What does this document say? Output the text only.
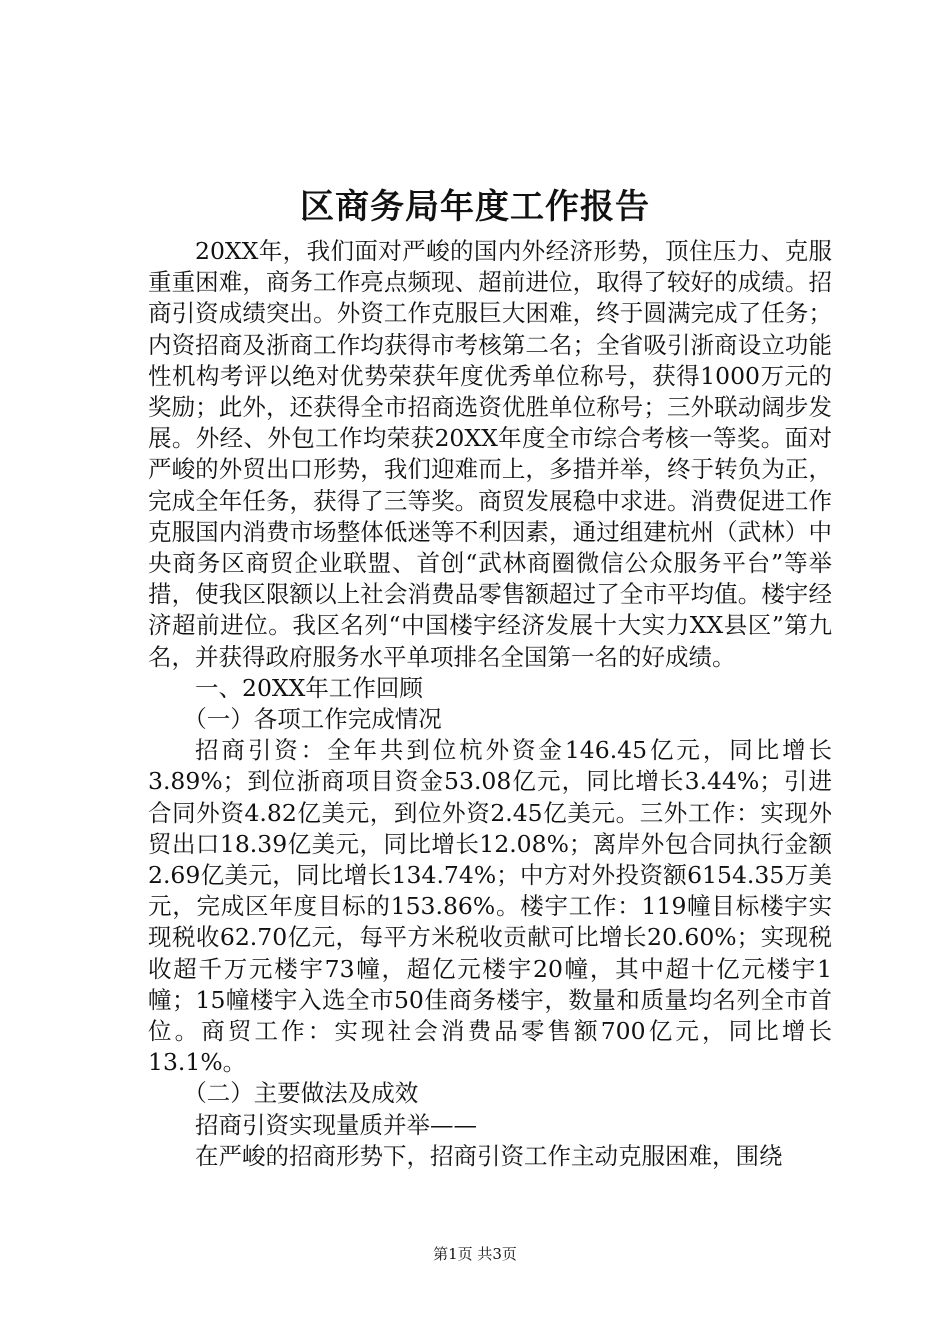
区商务局年度工作报告

20XX年，我们面对严峻的国内外经济形势，顶住压力、克服重重困难，商务工作亮点频现、超前进位，取得了较好的成绩。招商引资成绩突出。外资工作克服巨大困难，终于圆满完成了任务；内资招商及浙商工作均获得市考核第二名；全省吸引浙商设立功能性机构考评以绝对优势荣获年度优秀单位称号，获得1000万元的奖励；此外，还获得全市招商选资优胜单位称号；三外联动阔步发展。外经、外包工作均荣获20XX年度全市综合考核一等奖。面对严峻的外贸出口形势，我们迎难而上，多措并举，终于转负为正，完成全年任务，获得了三等奖。商贸发展稳中求进。消费促进工作克服国内消费市场整体低迷等不利因素，通过组建杭州（武林）中央商务区商贸企业联盟、首创“武林商圈微信公众服务平台”等举措，使我区限额以上社会消费品零售额超过了全市平均值。楼宇经济超前进位。我区名列“中国楼宇经济发展十大实力XX县区”第九名，并获得政府服务水平单项排名全国第一名的好成绩。

一、20XX年工作回顾

（一）各项工作完成情况

招商引资：全年共到位杭外资金146.45亿元，同比增长3.89%；到位浙商项目资金53.08亿元，同比增长3.44%；引进合同外资4.82亿美元，到位外资2.45亿美元。三外工作：实现外贸出口18.39亿美元，同比增长12.08%；离岸外包合同执行金额2.69亿美元，同比增长134.74%；中方对外投资额6154.35万美元，完成区年度目标的153.86%。楼宇工作：119幢目标楼宇实现税收62.70亿元，每平方米税收贡献可比增长20.60%；实现税收超千万元楼宇73幢，超亿元楼宇20幢，其中超十亿元楼宇1幢；15幢楼宇入选全市50佳商务楼宇，数量和质量均名列全市首位。商贸工作：实现社会消费品零售额700亿元，同比增长13.1%。

（二）主要做法及成效

招商引资实现量质并举——

在严峻的招商形势下，招商引资工作主动克服困难，围绕

第1页 共3页
